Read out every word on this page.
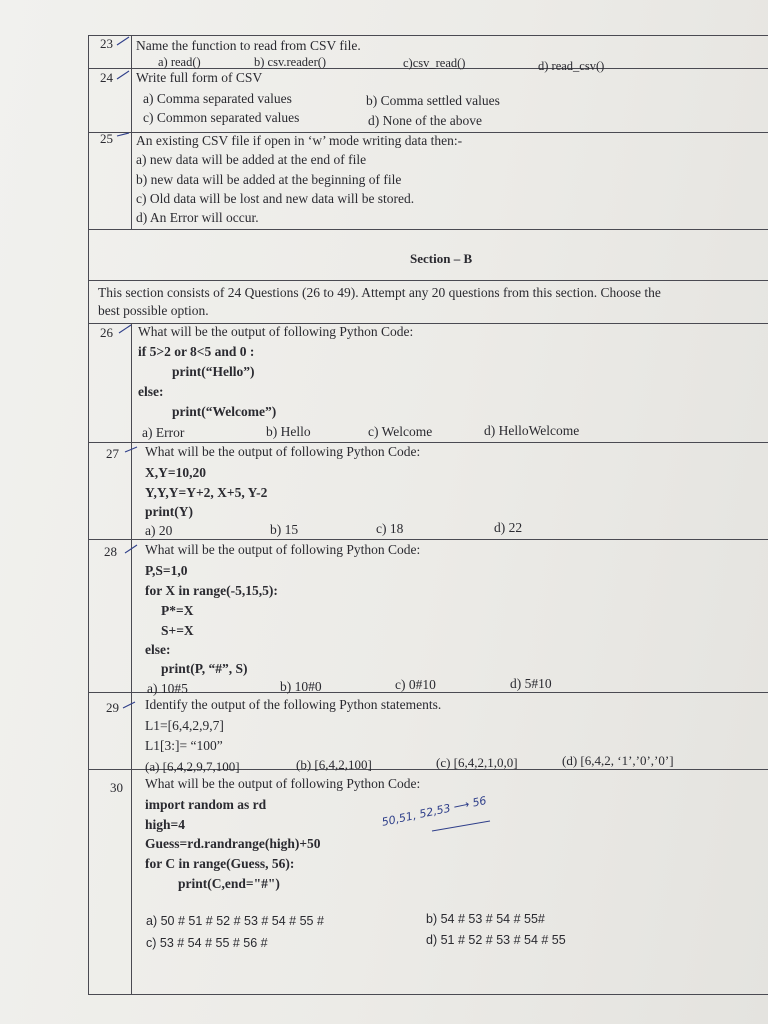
23 Name the function to read from CSV file.
a) read()	b) csv.reader()	c)csv_read()	d) read_csv()
24 Write full form of CSV
a) Comma separated values	b) Comma settled values
c) Common separated values	d) None of the above
25 An existing CSV file if open in ‘w’ mode writing data then:-
a) new data will be added at the end of file
b) new data will be added at the beginning of file
c) Old data will be lost and new data will be stored.
d) An Error will occur.
Section – B
This section consists of 24 Questions (26 to 49). Attempt any 20 questions from this section. Choose the
best possible option.
26 What will be the output of following Python Code:
if 5>2 or 8<5 and 0 :
print(“Hello”)
else:
print(“Welcome”)
a) Error	b) Hello	c) Welcome	d) HelloWelcome
27 What will be the output of following Python Code:
X,Y=10,20
Y,Y,Y=Y+2, X+5, Y-2
print(Y)
a) 20	b) 15	c) 18	d) 22
28 What will be the output of following Python Code:
P,S=1,0
for X in range(-5,15,5):
P*=X
S+=X
else:
print(P, “#”, S)
a) 10#5	b) 10#0	c) 0#10	d) 5#10
29 Identify the output of the following Python statements.
L1=[6,4,2,9,7]
L1[3:]= “100”
(a) [6,4,2,9,7,100]	(b) [6,4,2,100]	(c) [6,4,2,1,0,0]	(d) [6,4,2, ‘1’,’0’,’0’]
30 What will be the output of following Python Code:
import random as rd
high=4
Guess=rd.randrange(high)+50
for C in range(Guess, 56):
print(C,end="#")
a) 50 # 51 # 52 # 53 # 54 # 55 #	b) 54 # 53 # 54 # 55#
c) 53 # 54 # 55 # 56 #	d) 51 # 52 # 53 # 54 # 55
50,51, 52,53 ⟶ 56
